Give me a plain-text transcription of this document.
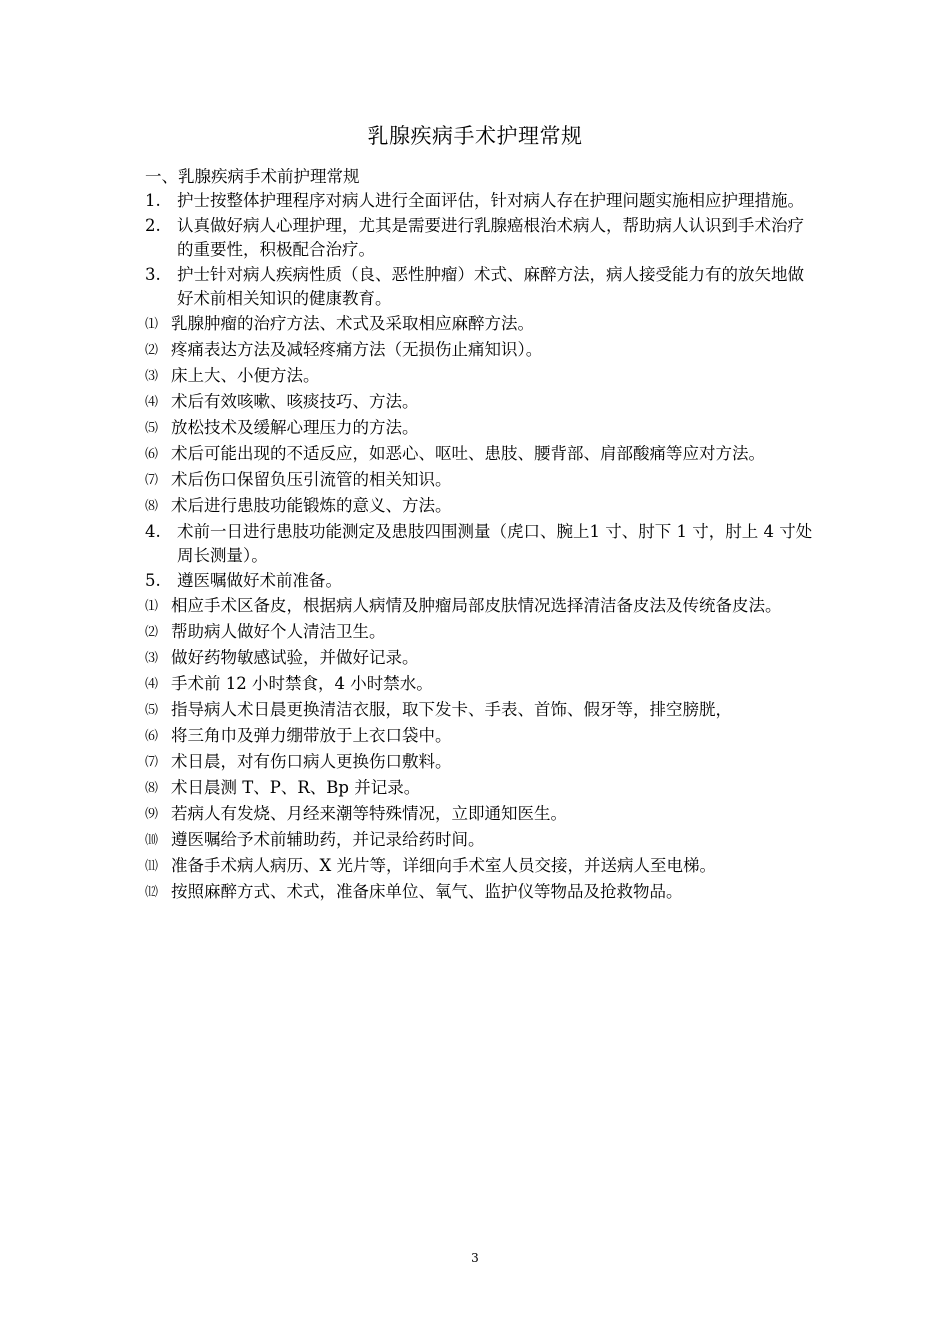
乳腺疾病手术护理常规
一、乳腺疾病手术前护理常规
1. 护士按整体护理程序对病人进行全面评估，针对病人存在护理问题实施相应护理措施。
2. 认真做好病人心理护理，尤其是需要进行乳腺癌根治术病人，帮助病人认识到手术治疗的重要性，积极配合治疗。
3. 护士针对病人疾病性质（良、恶性肿瘤）术式、麻醉方法，病人接受能力有的放矢地做好术前相关知识的健康教育。
⑴ 乳腺肿瘤的治疗方法、术式及采取相应麻醉方法。
⑵ 疼痛表达方法及减轻疼痛方法（无损伤止痛知识）。
⑶ 床上大、小便方法。
⑷ 术后有效咳嗽、咳痰技巧、方法。
⑸ 放松技术及缓解心理压力的方法。
⑹ 术后可能出现的不适反应，如恶心、呕吐、患肢、腰背部、肩部酸痛等应对方法。
⑺ 术后伤口保留负压引流管的相关知识。
⑻ 术后进行患肢功能锻炼的意义、方法。
4. 术前一日进行患肢功能测定及患肢四围测量（虎口、腕上1 寸、肘下 1 寸，肘上 4 寸处周长测量）。
5. 遵医嘱做好术前准备。
⑴ 相应手术区备皮，根据病人病情及肿瘤局部皮肤情况选择清洁备皮法及传统备皮法。
⑵ 帮助病人做好个人清洁卫生。
⑶ 做好药物敏感试验，并做好记录。
⑷ 手术前 12 小时禁食，4 小时禁水。
⑸ 指导病人术日晨更换清洁衣服，取下发卡、手表、首饰、假牙等，排空膀胱，
⑹ 将三角巾及弹力绷带放于上衣口袋中。
⑺ 术日晨，对有伤口病人更换伤口敷料。
⑻ 术日晨测 T、P、R、Bp 并记录。
⑼ 若病人有发烧、月经来潮等特殊情况，立即通知医生。
⑽ 遵医嘱给予术前辅助药，并记录给药时间。
⑾ 准备手术病人病历、X 光片等，详细向手术室人员交接，并送病人至电梯。
⑿ 按照麻醉方式、术式，准备床单位、氧气、监护仪等物品及抢救物品。
3
